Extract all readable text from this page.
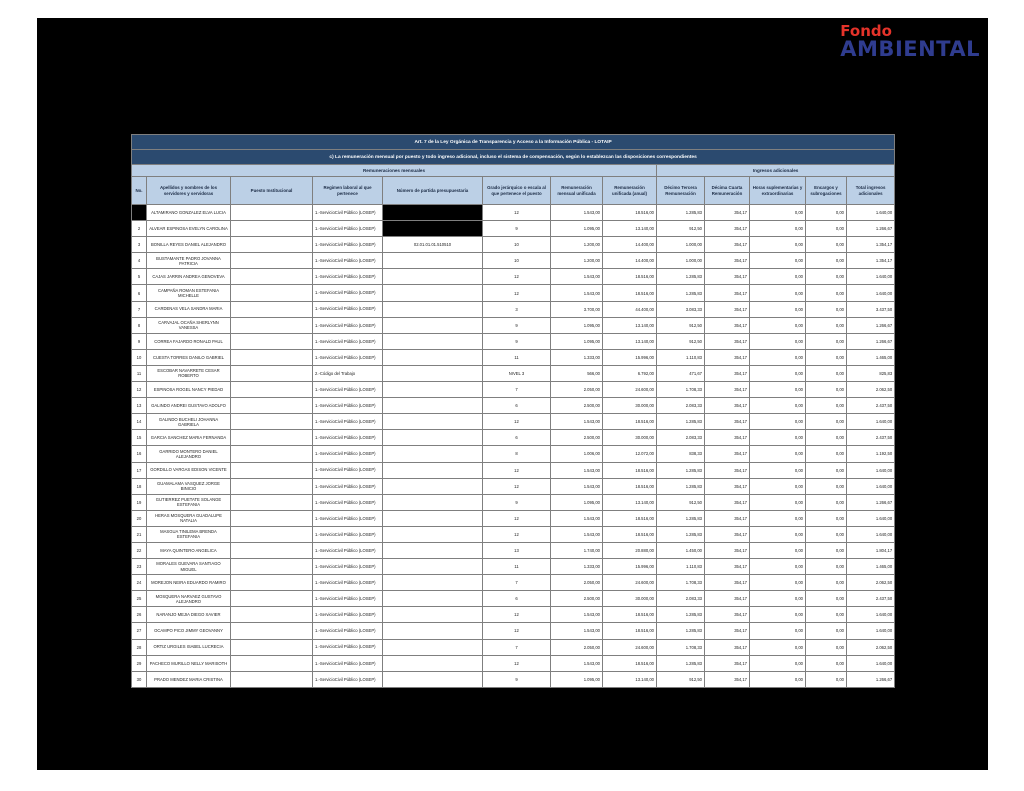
Fondo
AMBIENTAL
Art. 7 de la Ley Orgánica de Transparencia y Acceso a la Información Pública - LOTAIP												
c) La remuneración mensual por puesto y todo ingreso adicional, incluso el sistema de compensación, según lo establezcan las disposiciones correspondientes												
Remuneraciones mensuales								Ingresos adicionales				
No.	Apellidos y nombres de los servidores y servidoras	Puesto Institucional	Regimen laboral al que pertenece	Número de partida presupuestaria	Grado jerárquico o escala al que pertenece el puesto	Remuneración mensual unificada	Remuneración unificada (anual)	Décimo Tercera Remuneración	Décima Cuarta Remuneración	Horas suplementarias y extraordinarias	Encargos y subrogaciones	Total ingresos adicionales
	ALTAMIRANO GONZALEZ ELVA LUCIA		1.-ServicioCivil Público (LOSEP)		12	1.543,00	18.516,00	1.285,83	354,17	0,00	0,00	1.640,00
2	ALVEAR ESPINOSA EVELYN CAROLINA		1.-ServicioCivil Público (LOSEP)		9	1.095,00	13.140,00	912,50	354,17	0,00	0,00	1.266,67
3	BONILLA REYES DANIEL ALEJANDRO		1.-ServicioCivil Público (LOSEP)	02.01.01.01.510510	10	1.200,00	14.400,00	1.000,00	354,17	0,00	0,00	1.354,17
4	BUSTAMANTE PADRO JOVANNA PATRICIA		1.-ServicioCivil Público (LOSEP)		10	1.200,00	14.400,00	1.000,00	354,17	0,00	0,00	1.354,17
5	CAJAS JARRIN ANDREA GENOVEVA		1.-ServicioCivil Público (LOSEP)		12	1.543,00	18.516,00	1.285,83	354,17	0,00	0,00	1.640,00
6	CAMPAÑA ROMAN ESTEFANIA MICHELLE		1.-ServicioCivil Público (LOSEP)		12	1.543,00	18.516,00	1.285,83	354,17	0,00	0,00	1.640,00
7	CARDENAS VELA SANDRA MARIA		1.-ServicioCivil Público (LOSEP)		3	3.700,00	44.400,00	3.083,33	354,17	0,00	0,00	3.437,50
8	CARVAJAL OCAÑA SHERLYNN VANESSA		1.-ServicioCivil Público (LOSEP)		9	1.095,00	13.140,00	912,50	354,17	0,00	0,00	1.266,67
9	CORREA FAJARDO RONALD PAUL		1.-ServicioCivil Público (LOSEP)		9	1.095,00	13.140,00	912,50	354,17	0,00	0,00	1.266,67
10	CUESTA TORRES DANILO GABRIEL		1.-ServicioCivil Público (LOSEP)		11	1.333,00	15.996,00	1.110,83	354,17	0,00	0,00	1.465,00
11	ESCOBAR NAVARRETE CESAR ROBERTO		2.-Código del Trabajo		NIVEL 3	566,00	6.792,00	471,67	354,17	0,00	0,00	825,83
12	ESPINOSA ROGEL NANCY PIEDAD		1.-ServicioCivil Público (LOSEP)		7	2.050,00	24.600,00	1.708,33	354,17	0,00	0,00	2.062,50
13	GALINDO ANDREI GUSTAVO ADOLFO		1.-ServicioCivil Público (LOSEP)		6	2.500,00	30.000,00	2.083,33	354,17	0,00	0,00	2.437,50
14	GALINDO BUCHELI JOHANNA GABRIELA		1.-ServicioCivil Público (LOSEP)		12	1.543,00	18.516,00	1.285,83	354,17	0,00	0,00	1.640,00
15	GARCIA SANCHEZ MARIA FERNANDA		1.-ServicioCivil Público (LOSEP)		6	2.500,00	30.000,00	2.083,33	354,17	0,00	0,00	2.437,50
16	GARRIDO MONTERO DANIEL ALEJANDRO		1.-ServicioCivil Público (LOSEP)		8	1.006,00	12.072,00	838,33	354,17	0,00	0,00	1.192,50
17	GORDILLO VARGAS EDISON VICENTE		1.-ServicioCivil Público (LOSEP)		12	1.543,00	18.516,00	1.285,83	354,17	0,00	0,00	1.640,00
18	GUAMALAMA VASQUEZ JORGE BINICIO		1.-ServicioCivil Público (LOSEP)		12	1.543,00	18.516,00	1.285,83	354,17	0,00	0,00	1.640,00
19	GUTIERREZ PUETATE SOLANGE ESTEFANIA		1.-ServicioCivil Público (LOSEP)		9	1.095,00	13.140,00	912,50	354,17	0,00	0,00	1.266,67
20	HERAS MOSQUERA GUADALUPE NATALIA		1.-ServicioCivil Público (LOSEP)		12	1.543,00	18.516,00	1.285,83	354,17	0,00	0,00	1.640,00
21	MASGUA TINILEMA BRENDA ESTEFANIA		1.-ServicioCivil Público (LOSEP)		12	1.543,00	18.516,00	1.285,83	354,17	0,00	0,00	1.640,00
22	MAYA QUINTERO ANGELICA		1.-ServicioCivil Público (LOSEP)		13	1.740,00	20.880,00	1.450,00	354,17	0,00	0,00	1.804,17
23	MORALES GUEVARA SANTIAGO MIGUEL		1.-ServicioCivil Público (LOSEP)		11	1.333,00	15.996,00	1.110,83	354,17	0,00	0,00	1.465,00
24	MOREJON NEIRA EDUARDO RAMIRO		1.-ServicioCivil Público (LOSEP)		7	2.050,00	24.600,00	1.708,33	354,17	0,00	0,00	2.062,50
25	MOSQUERA NARVAEZ GUSTAVO ALEJANDRO		1.-ServicioCivil Público (LOSEP)		6	2.500,00	30.000,00	2.083,33	354,17	0,00	0,00	2.437,50
26	NARANJO MEJIA DIEGO XAVIER		1.-ServicioCivil Público (LOSEP)		12	1.543,00	18.516,00	1.285,83	354,17	0,00	0,00	1.640,00
27	OCAMPO PICO JIMMY GEOVANNY		1.-ServicioCivil Público (LOSEP)		12	1.543,00	18.516,00	1.285,83	354,17	0,00	0,00	1.640,00
28	ORTIZ URGILES ISABEL LUCRECIA		1.-ServicioCivil Público (LOSEP)		7	2.050,00	24.600,00	1.708,33	354,17	0,00	0,00	2.062,50
29	PACHECO MURILLO NELLY MARISOTH		1.-ServicioCivil Público (LOSEP)		12	1.543,00	18.516,00	1.285,83	354,17	0,00	0,00	1.640,00
30	PRADO MENDEZ MARIA CRISTINA		1.-ServicioCivil Público (LOSEP)		9	1.095,00	13.140,00	912,50	354,17	0,00	0,00	1.266,67
